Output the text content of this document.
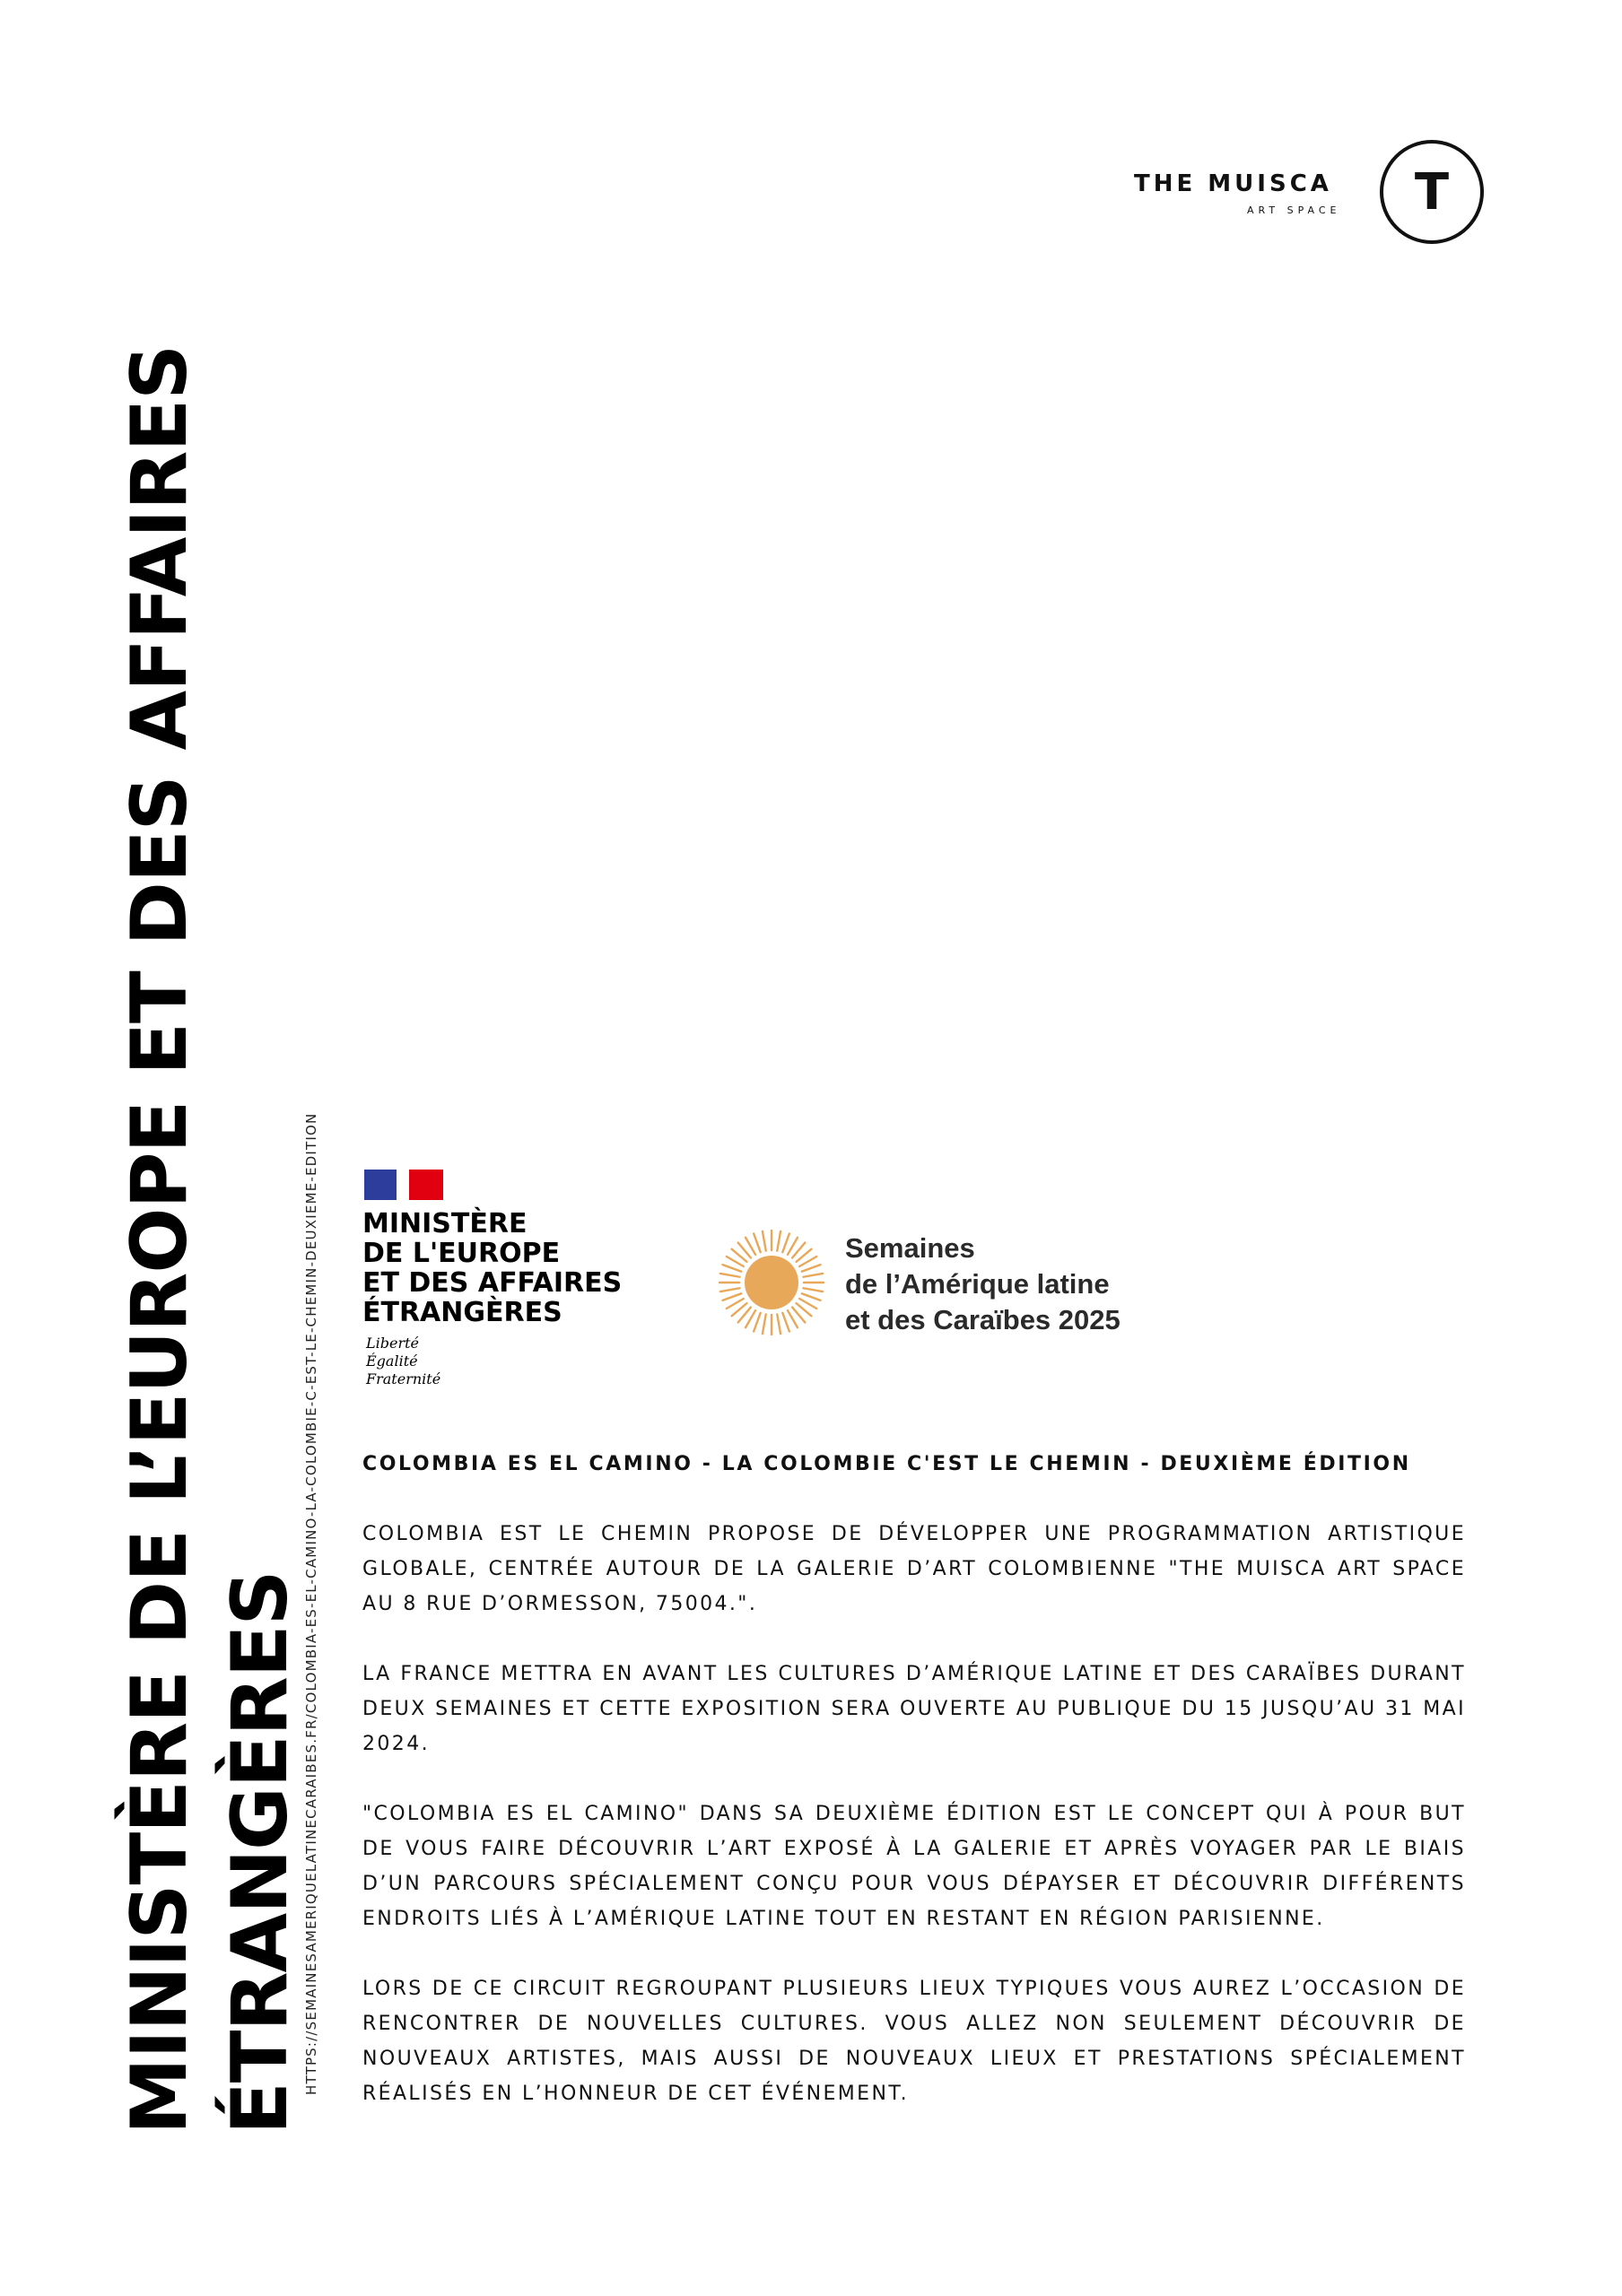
THE MUISCA
ART SPACE	T
MINISTÈRE DE L’EUROPE ET DES AFFAIRES ÉTRANGÈRES
HTTPS://SEMAINESAMERIQUELATINECARAIBES.FR/COLOMBIA-ES-EL-CAMINO-LA-COLOMBIE-C-EST-LE-CHEMIN-DEUXIEME-EDITION MINISTÈRE
DE L'EUROPE
ET DES AFFAIRES
ÉTRANGÈRES
Liberté
Égalité
Fraternité
Semaines
de l’Amérique latine
et des Caraïbes 2025

COLOMBIA ES EL CAMINO - LA COLOMBIE C'EST LE CHEMIN - DEUXIÈME ÉDITION

COLOMBIA EST LE CHEMIN PROPOSE DE DÉVELOPPER UNE PROGRAMMATION ARTISTIQUE GLOBALE, CENTRÉE AUTOUR DE LA GALERIE D’ART COLOMBIENNE "THE MUISCA ART SPACE AU 8 RUE D’ORMESSON, 75004.".

LA FRANCE METTRA EN AVANT LES CULTURES D’AMÉRIQUE LATINE ET DES CARAÏBES DURANT DEUX SEMAINES ET CETTE EXPOSITION SERA OUVERTE AU PUBLIQUE DU 15 JUSQU’AU 31 MAI 2024.

"COLOMBIA ES EL CAMINO" DANS SA DEUXIÈME ÉDITION EST LE CONCEPT QUI À POUR BUT DE VOUS FAIRE DÉCOUVRIR L’ART EXPOSÉ À LA GALERIE ET APRÈS VOYAGER PAR LE BIAIS D’UN PARCOURS SPÉCIALEMENT CONÇU POUR VOUS DÉPAYSER ET DÉCOUVRIR DIFFÉRENTS ENDROITS LIÉS À L’AMÉRIQUE LATINE TOUT EN RESTANT EN RÉGION PARISIENNE.

LORS DE CE CIRCUIT REGROUPANT PLUSIEURS LIEUX TYPIQUES VOUS AUREZ L’OCCASION DE RENCONTRER DE NOUVELLES CULTURES. VOUS ALLEZ NON SEULEMENT DÉCOUVRIR DE NOUVEAUX ARTISTES, MAIS AUSSI DE NOUVEAUX LIEUX ET PRESTATIONS SPÉCIALEMENT RÉALISÉS EN L’HONNEUR DE CET ÉVÉNEMENT.
